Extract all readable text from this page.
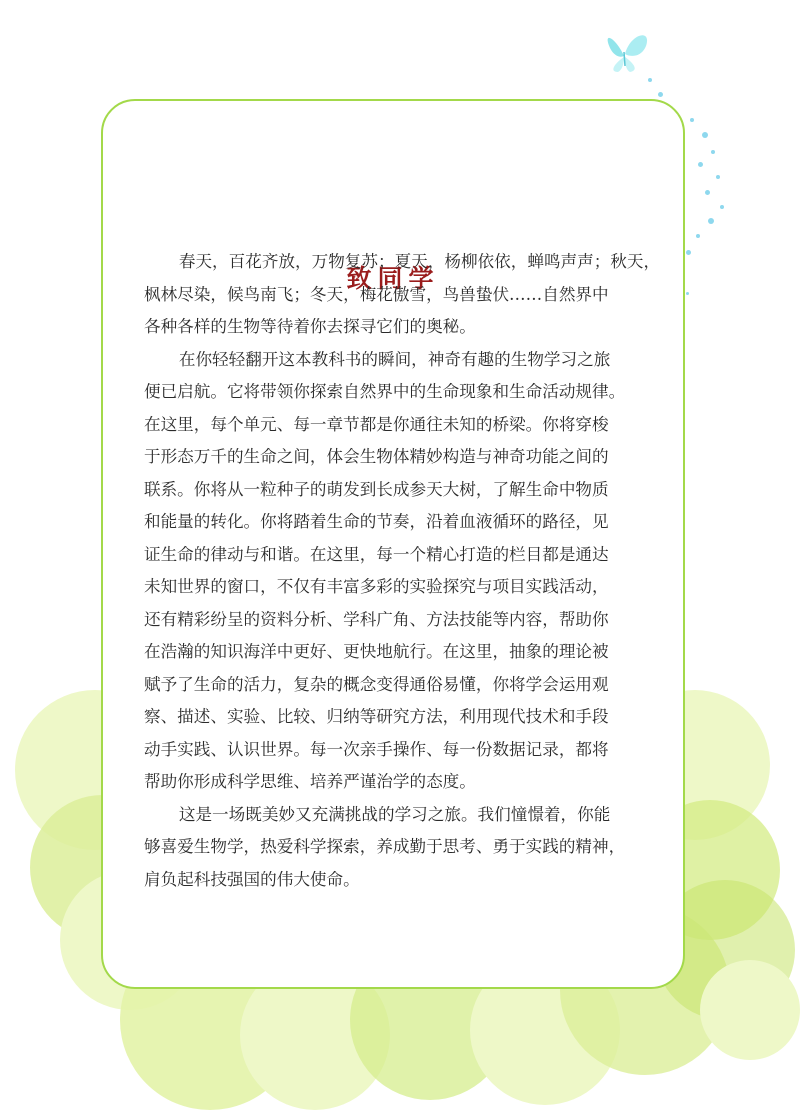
致同学

春天，百花齐放，万物复苏；夏天，杨柳依依，蝉鸣声声；秋天，
枫林尽染，候鸟南飞；冬天，梅花傲雪，鸟兽蛰伏……自然界中
各种各样的生物等待着你去探寻它们的奥秘。

在你轻轻翻开这本教科书的瞬间，神奇有趣的生物学习之旅
便已启航。它将带领你探索自然界中的生命现象和生命活动规律。
在这里，每个单元、每一章节都是你通往未知的桥梁。你将穿梭
于形态万千的生命之间，体会生物体精妙构造与神奇功能之间的
联系。你将从一粒种子的萌发到长成参天大树，了解生命中物质
和能量的转化。你将踏着生命的节奏，沿着血液循环的路径，见
证生命的律动与和谐。在这里，每一个精心打造的栏目都是通达
未知世界的窗口，不仅有丰富多彩的实验探究与项目实践活动，
还有精彩纷呈的资料分析、学科广角、方法技能等内容，帮助你
在浩瀚的知识海洋中更好、更快地航行。在这里，抽象的理论被
赋予了生命的活力，复杂的概念变得通俗易懂，你将学会运用观
察、描述、实验、比较、归纳等研究方法，利用现代技术和手段
动手实践、认识世界。每一次亲手操作、每一份数据记录，都将
帮助你形成科学思维、培养严谨治学的态度。

这是一场既美妙又充满挑战的学习之旅。我们憧憬着，你能
够喜爱生物学，热爱科学探索，养成勤于思考、勇于实践的精神，
肩负起科技强国的伟大使命。
